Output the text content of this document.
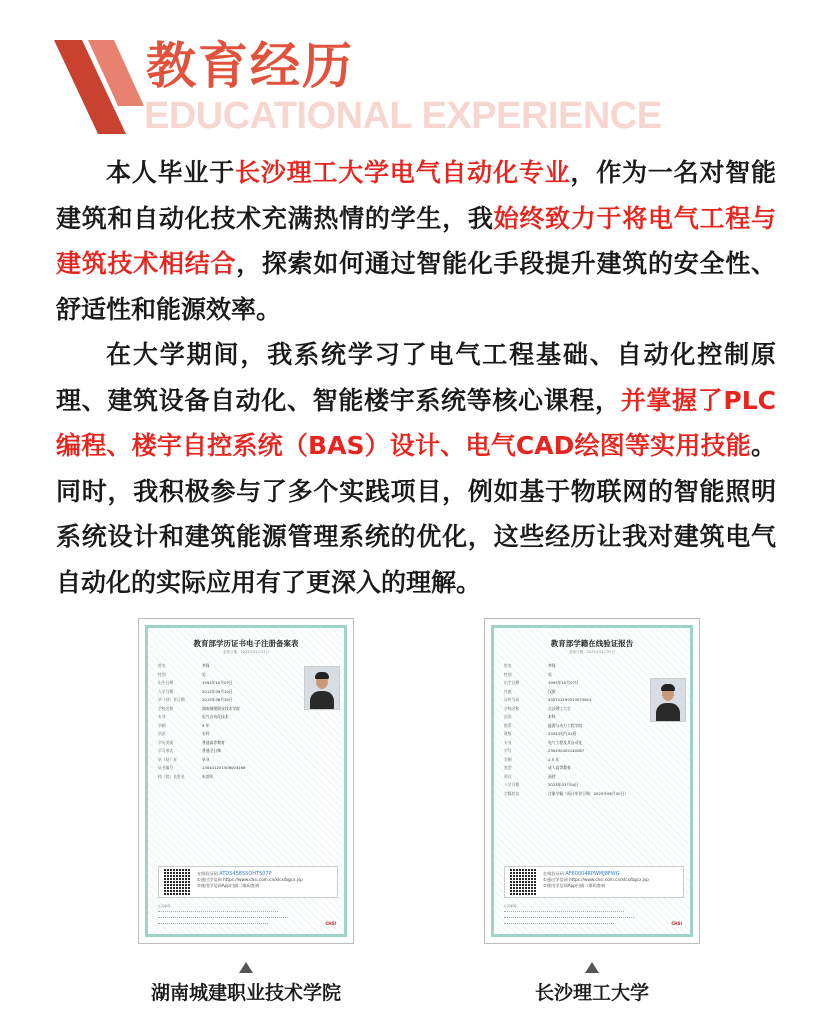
教育经历
EDUCATIONAL EXPERIENCE

本人毕业于长沙理工大学电气自动化专业，作为一名对智能建筑和自动化技术充满热情的学生，我始终致力于将电气工程与建筑技术相结合，探索如何通过智能化手段提升建筑的安全性、舒适性和能源效率。

在大学期间，我系统学习了电气工程基础、自动化控制原理、建筑设备自动化、智能楼宇系统等核心课程，并掌握了PLC编程、楼宇自控系统（BAS）设计、电气CAD绘图等实用技能。同时，我积极参与了多个实践项目，例如基于物联网的智能照明系统设计和建筑能源管理系统的优化，这些经历让我对建筑电气自动化的实际应用有了更深入的理解。

教育部学历证书电子注册备案表
更新日期：2025年01月27日
姓名	李锋
性别	男
出生日期	1993年10月07日
入学日期	2012年09月10日
毕（结）业日期	2015年06月30日
学校名称	湖南城建职业技术学院
专业	电气自动化技术
学制	3 年
层次	专科
学历类别	普通高等教育
学习形式	普通全日制
毕（结）业	毕业
证书编号	130441201506004166
校（院）长姓名	朱润军
在线验证码 ATD545855QHT507P
①通过学信网 https://www.chsi.com.cn/xlcx/bgcx.jsp
②使用学信网App扫描二维码查询
注意事项：
CHSI
教育部学籍在线验证报告
更新日期：2025年01月27日
姓名	李锋
性别	男
出生日期	1993年10月07日
民族	汉族
证件号码	430721199310075614
学校名称	长沙理工大学
层次	本科
院系	能源与动力工程学院
班级	23043电气01班
专业	电气工程及其自动化
学号	230430405140087
学制	2.5 年
类型	成人高等教育
形式	函授
入学日期	2023年03月04日
学籍状态	注册学籍（预计毕业日期：2025年06月30日）
在线验证码 AF60004RPWMJ8FWG
①通过学信网 https://www.chsi.com.cn/xlcx/bgcx.jsp
②使用学信网App扫描二维码查询
注意事项：
CHSI
湖南城建职业技术学院	长沙理工大学
